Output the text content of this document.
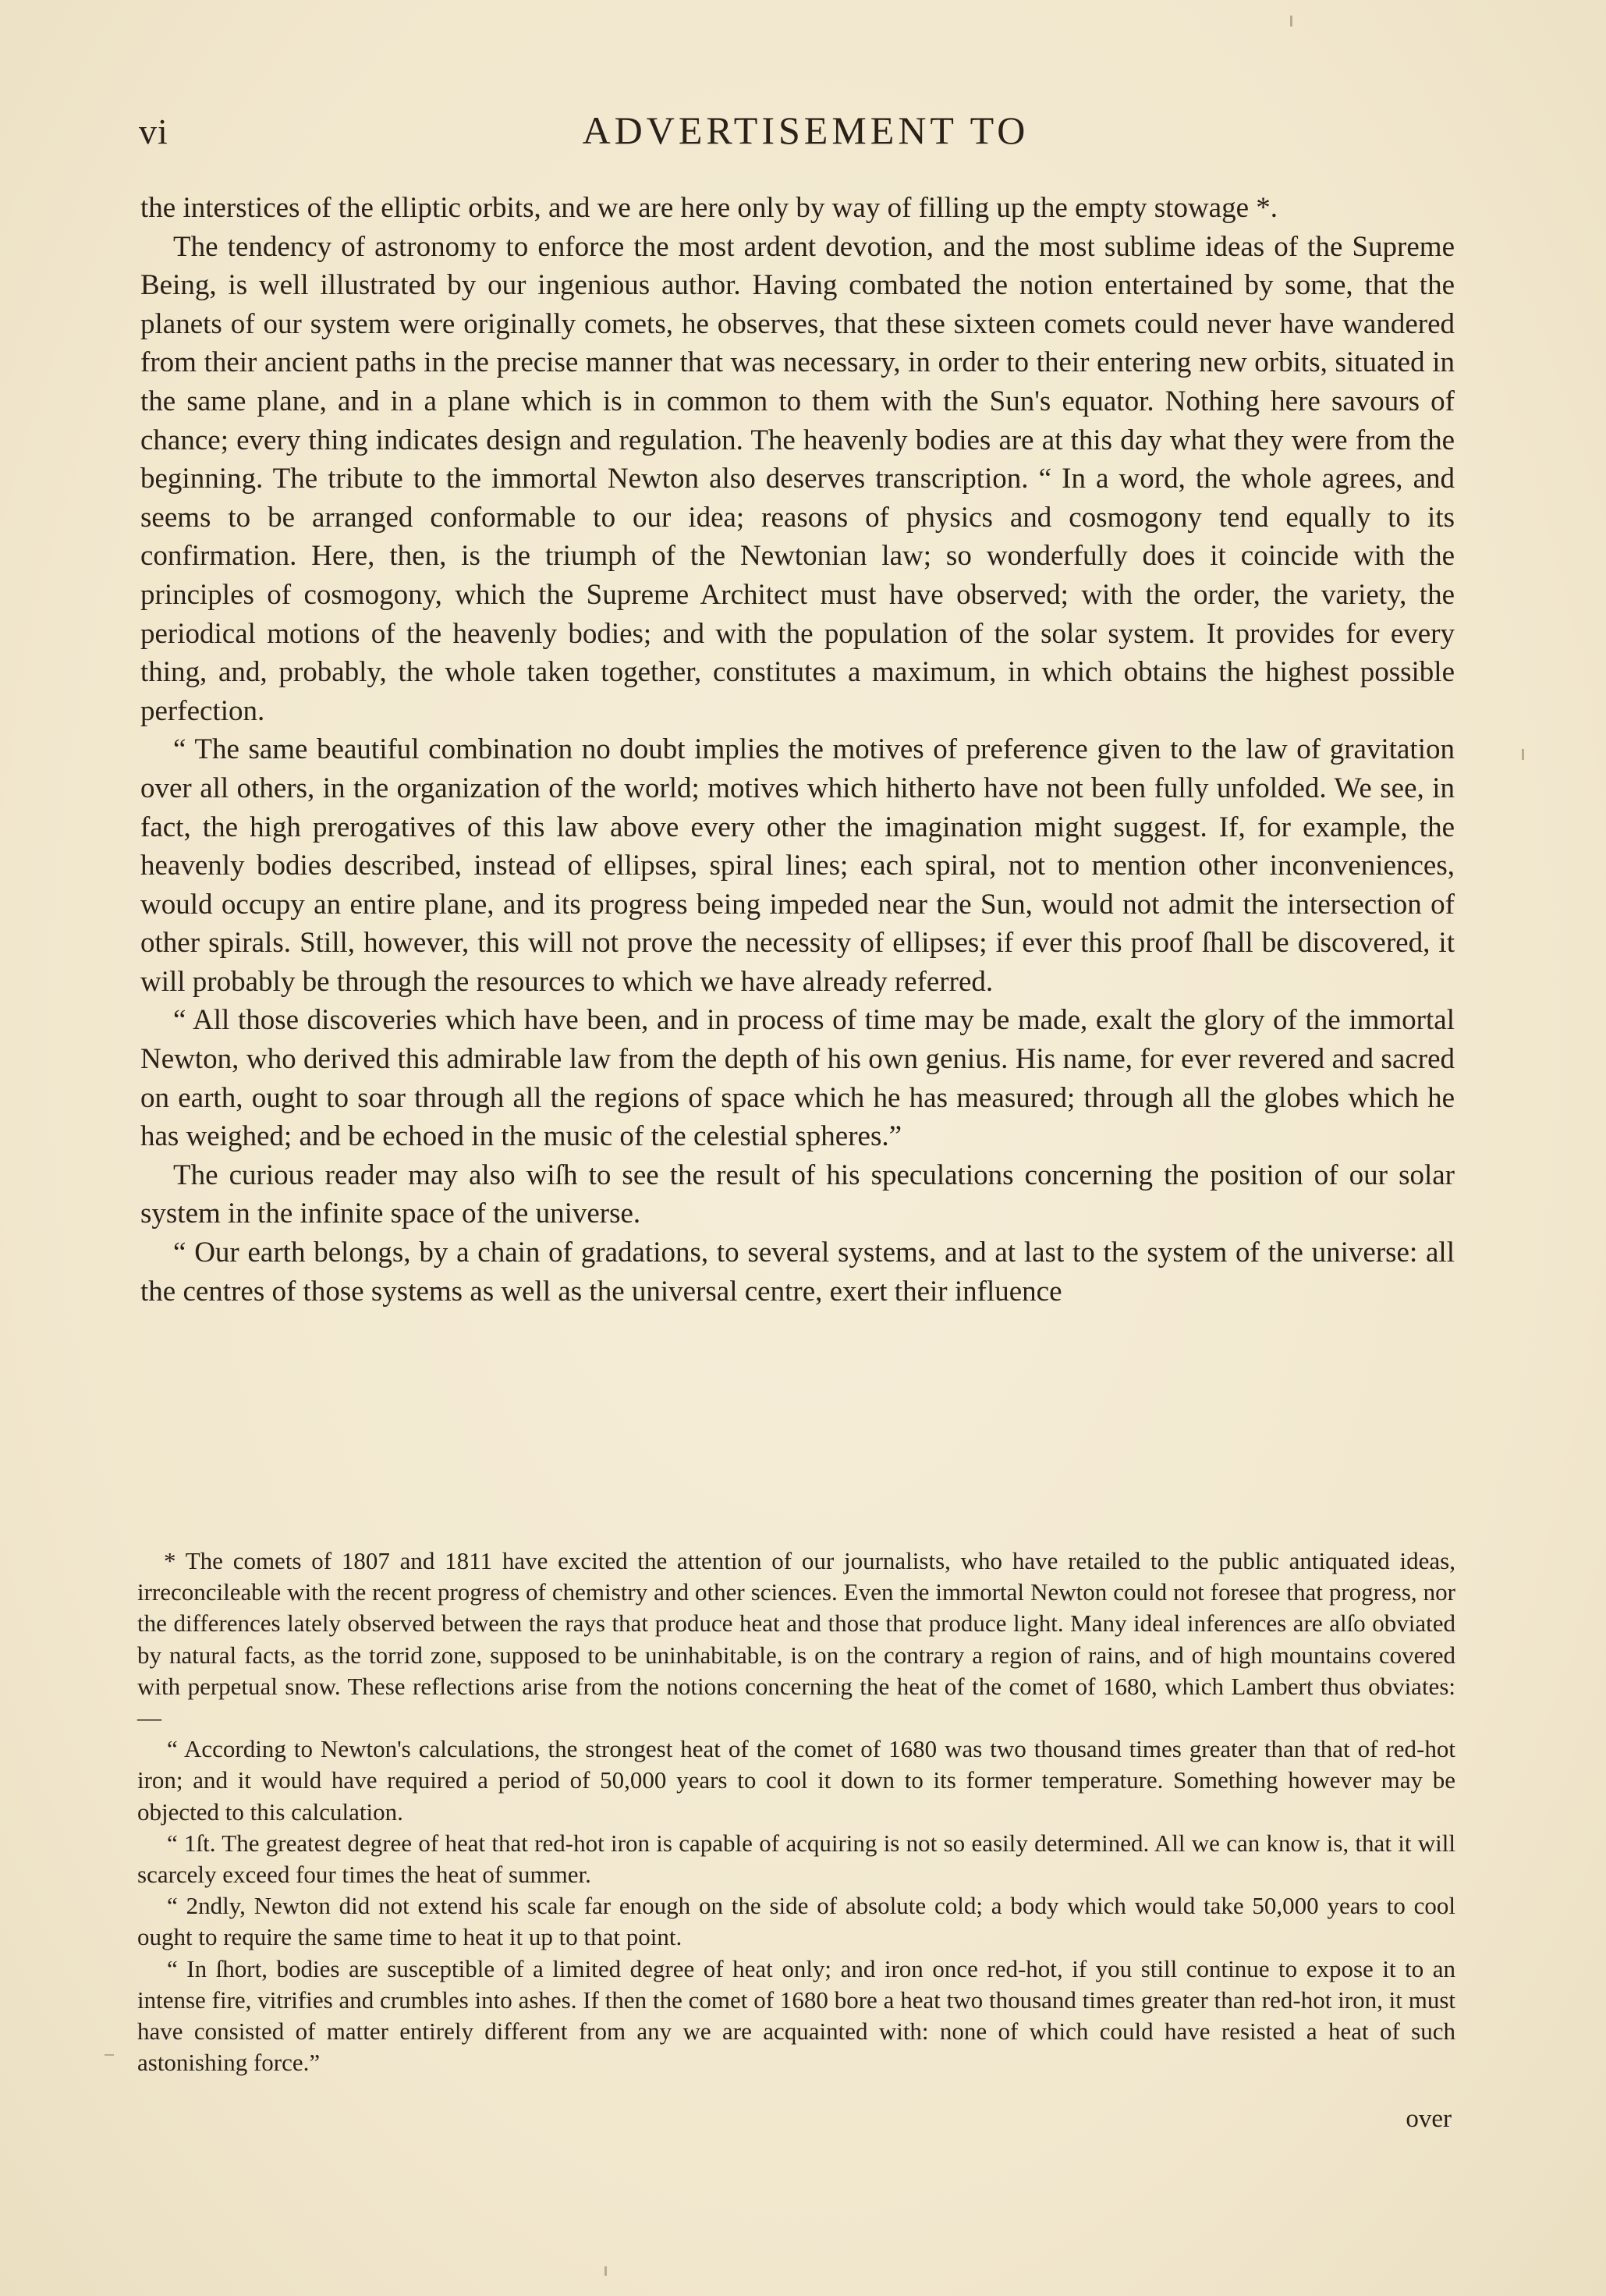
vi	ADVERTISEMENT TO

the interstices of the elliptic orbits, and we are here only by way of filling up the empty stowage *.

The tendency of astronomy to enforce the most ardent devotion, and the most sublime ideas of the Supreme Being, is well illustrated by our ingenious author. Having combated the notion entertained by some, that the planets of our system were originally comets, he observes, that these sixteen comets could never have wandered from their ancient paths in the precise manner that was necessary, in order to their entering new orbits, situated in the same plane, and in a plane which is in common to them with the Sun's equator. Nothing here savours of chance; every thing indicates design and regulation. The heavenly bodies are at this day what they were from the beginning. The tribute to the immortal Newton also deserves transcription. “ In a word, the whole agrees, and seems to be arranged conformable to our idea; reasons of physics and cosmogony tend equally to its confirmation. Here, then, is the triumph of the Newtonian law; so wonderfully does it coincide with the principles of cosmogony, which the Supreme Architect must have observed; with the order, the variety, the periodical motions of the heavenly bodies; and with the population of the solar system. It provides for every thing, and, probably, the whole taken together, constitutes a maximum, in which obtains the highest possible perfection.

“ The same beautiful combination no doubt implies the motives of preference given to the law of gravitation over all others, in the organization of the world; motives which hitherto have not been fully unfolded. We see, in fact, the high prerogatives of this law above every other the imagination might suggest. If, for example, the heavenly bodies described, instead of ellipses, spiral lines; each spiral, not to mention other inconveniences, would occupy an entire plane, and its progress being impeded near the Sun, would not admit the intersection of other spirals. Still, however, this will not prove the necessity of ellipses; if ever this proof ſhall be discovered, it will probably be through the resources to which we have already referred.

“ All those discoveries which have been, and in process of time may be made, exalt the glory of the immortal Newton, who derived this admirable law from the depth of his own genius. His name, for ever revered and sacred on earth, ought to soar through all the regions of space which he has measured; through all the globes which he has weighed; and be echoed in the music of the celestial spheres.”

The curious reader may also wiſh to see the result of his speculations concerning the position of our solar system in the infinite space of the universe.

“ Our earth belongs, by a chain of gradations, to several systems, and at last to the system of the universe: all the centres of those systems as well as the universal centre, exert their influence

* The comets of 1807 and 1811 have excited the attention of our journalists, who have retailed to the public antiquated ideas, irreconcileable with the recent progress of chemistry and other sciences. Even the immortal Newton could not foresee that progress, nor the differences lately observed between the rays that produce heat and those that produce light. Many ideal inferences are alſo obviated by natural facts, as the torrid zone, supposed to be uninhabitable, is on the contrary a region of rains, and of high mountains covered with perpetual snow. These reflections arise from the notions concerning the heat of the comet of 1680, which Lambert thus obviates: —

“ According to Newton's calculations, the strongest heat of the comet of 1680 was two thousand times greater than that of red-hot iron; and it would have required a period of 50,000 years to cool it down to its former temperature. Something however may be objected to this calculation.

“ 1ſt. The greatest degree of heat that red-hot iron is capable of acquiring is not so easily determined. All we can know is, that it will scarcely exceed four times the heat of summer.

“ 2ndly, Newton did not extend his scale far enough on the side of absolute cold; a body which would take 50,000 years to cool ought to require the same time to heat it up to that point.

“ In ſhort, bodies are susceptible of a limited degree of heat only; and iron once red-hot, if you still continue to expose it to an intense fire, vitrifies and crumbles into ashes. If then the comet of 1680 bore a heat two thousand times greater than red-hot iron, it must have consisted of matter entirely different from any we are acquainted with: none of which could have resisted a heat of such astonishing force.”

over
